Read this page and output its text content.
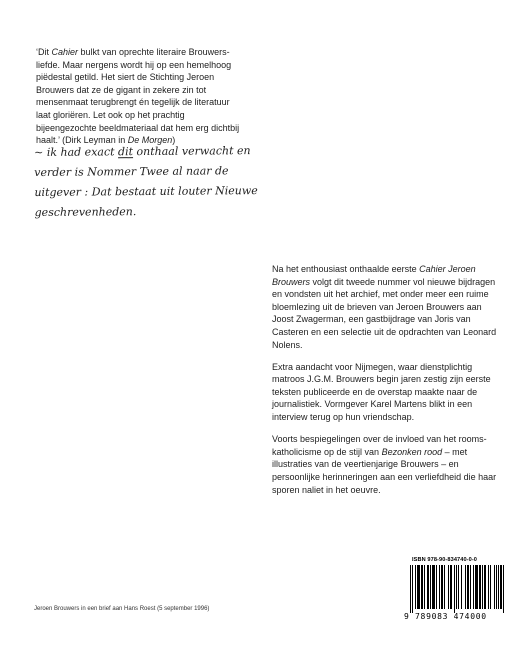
‘Dit Cahier bulkt van oprechte literaire Brouwers-liefde. Maar nergens wordt hij op een hemelhoog piëdestal getild. Het siert de Stichting Jeroen Brouwers dat ze de gigant in zekere zin tot mensenmaat terugbrengt én tegelijk de literatuur laat gloriëren. Let ook op het prachtig bijeengezochte beeldmateriaal dat hem erg dichtbij haalt.’ (Dirk Leyman in De Morgen)

~ ik had exact dit onthaal verwacht en verder is Nommer Twee al naar de uitgever : Dat bestaat uit louter Nieuwe geschrevenheden.

Na het enthousiast onthaalde eerste Cahier Jeroen Brouwers volgt dit tweede nummer vol nieuwe bijdragen en vondsten uit het archief, met onder meer een ruime bloemlezing uit de brieven van Jeroen Brouwers aan Joost Zwagerman, een gastbijdrage van Joris van Casteren en een selectie uit de opdrachten van Leonard Nolens.

Extra aandacht voor Nijmegen, waar dienstplichtig matroos J.G.M. Brouwers begin jaren zestig zijn eerste teksten publiceerde en de overstap maakte naar de journalistiek. Vormgever Karel Martens blikt in een interview terug op hun vriendschap.

Voorts bespiegelingen over de invloed van het rooms-katholicisme op de stijl van Bezonken rood – met illustraties van de veertienjarige Brouwers – en persoonlijke herinneringen aan een verliefdheid die haar sporen naliet in het oeuvre.

ISBN 978-90-834740-0-0
9 789083 474000
Jeroen Brouwers in een brief aan Hans Roest (5 september 1996)
